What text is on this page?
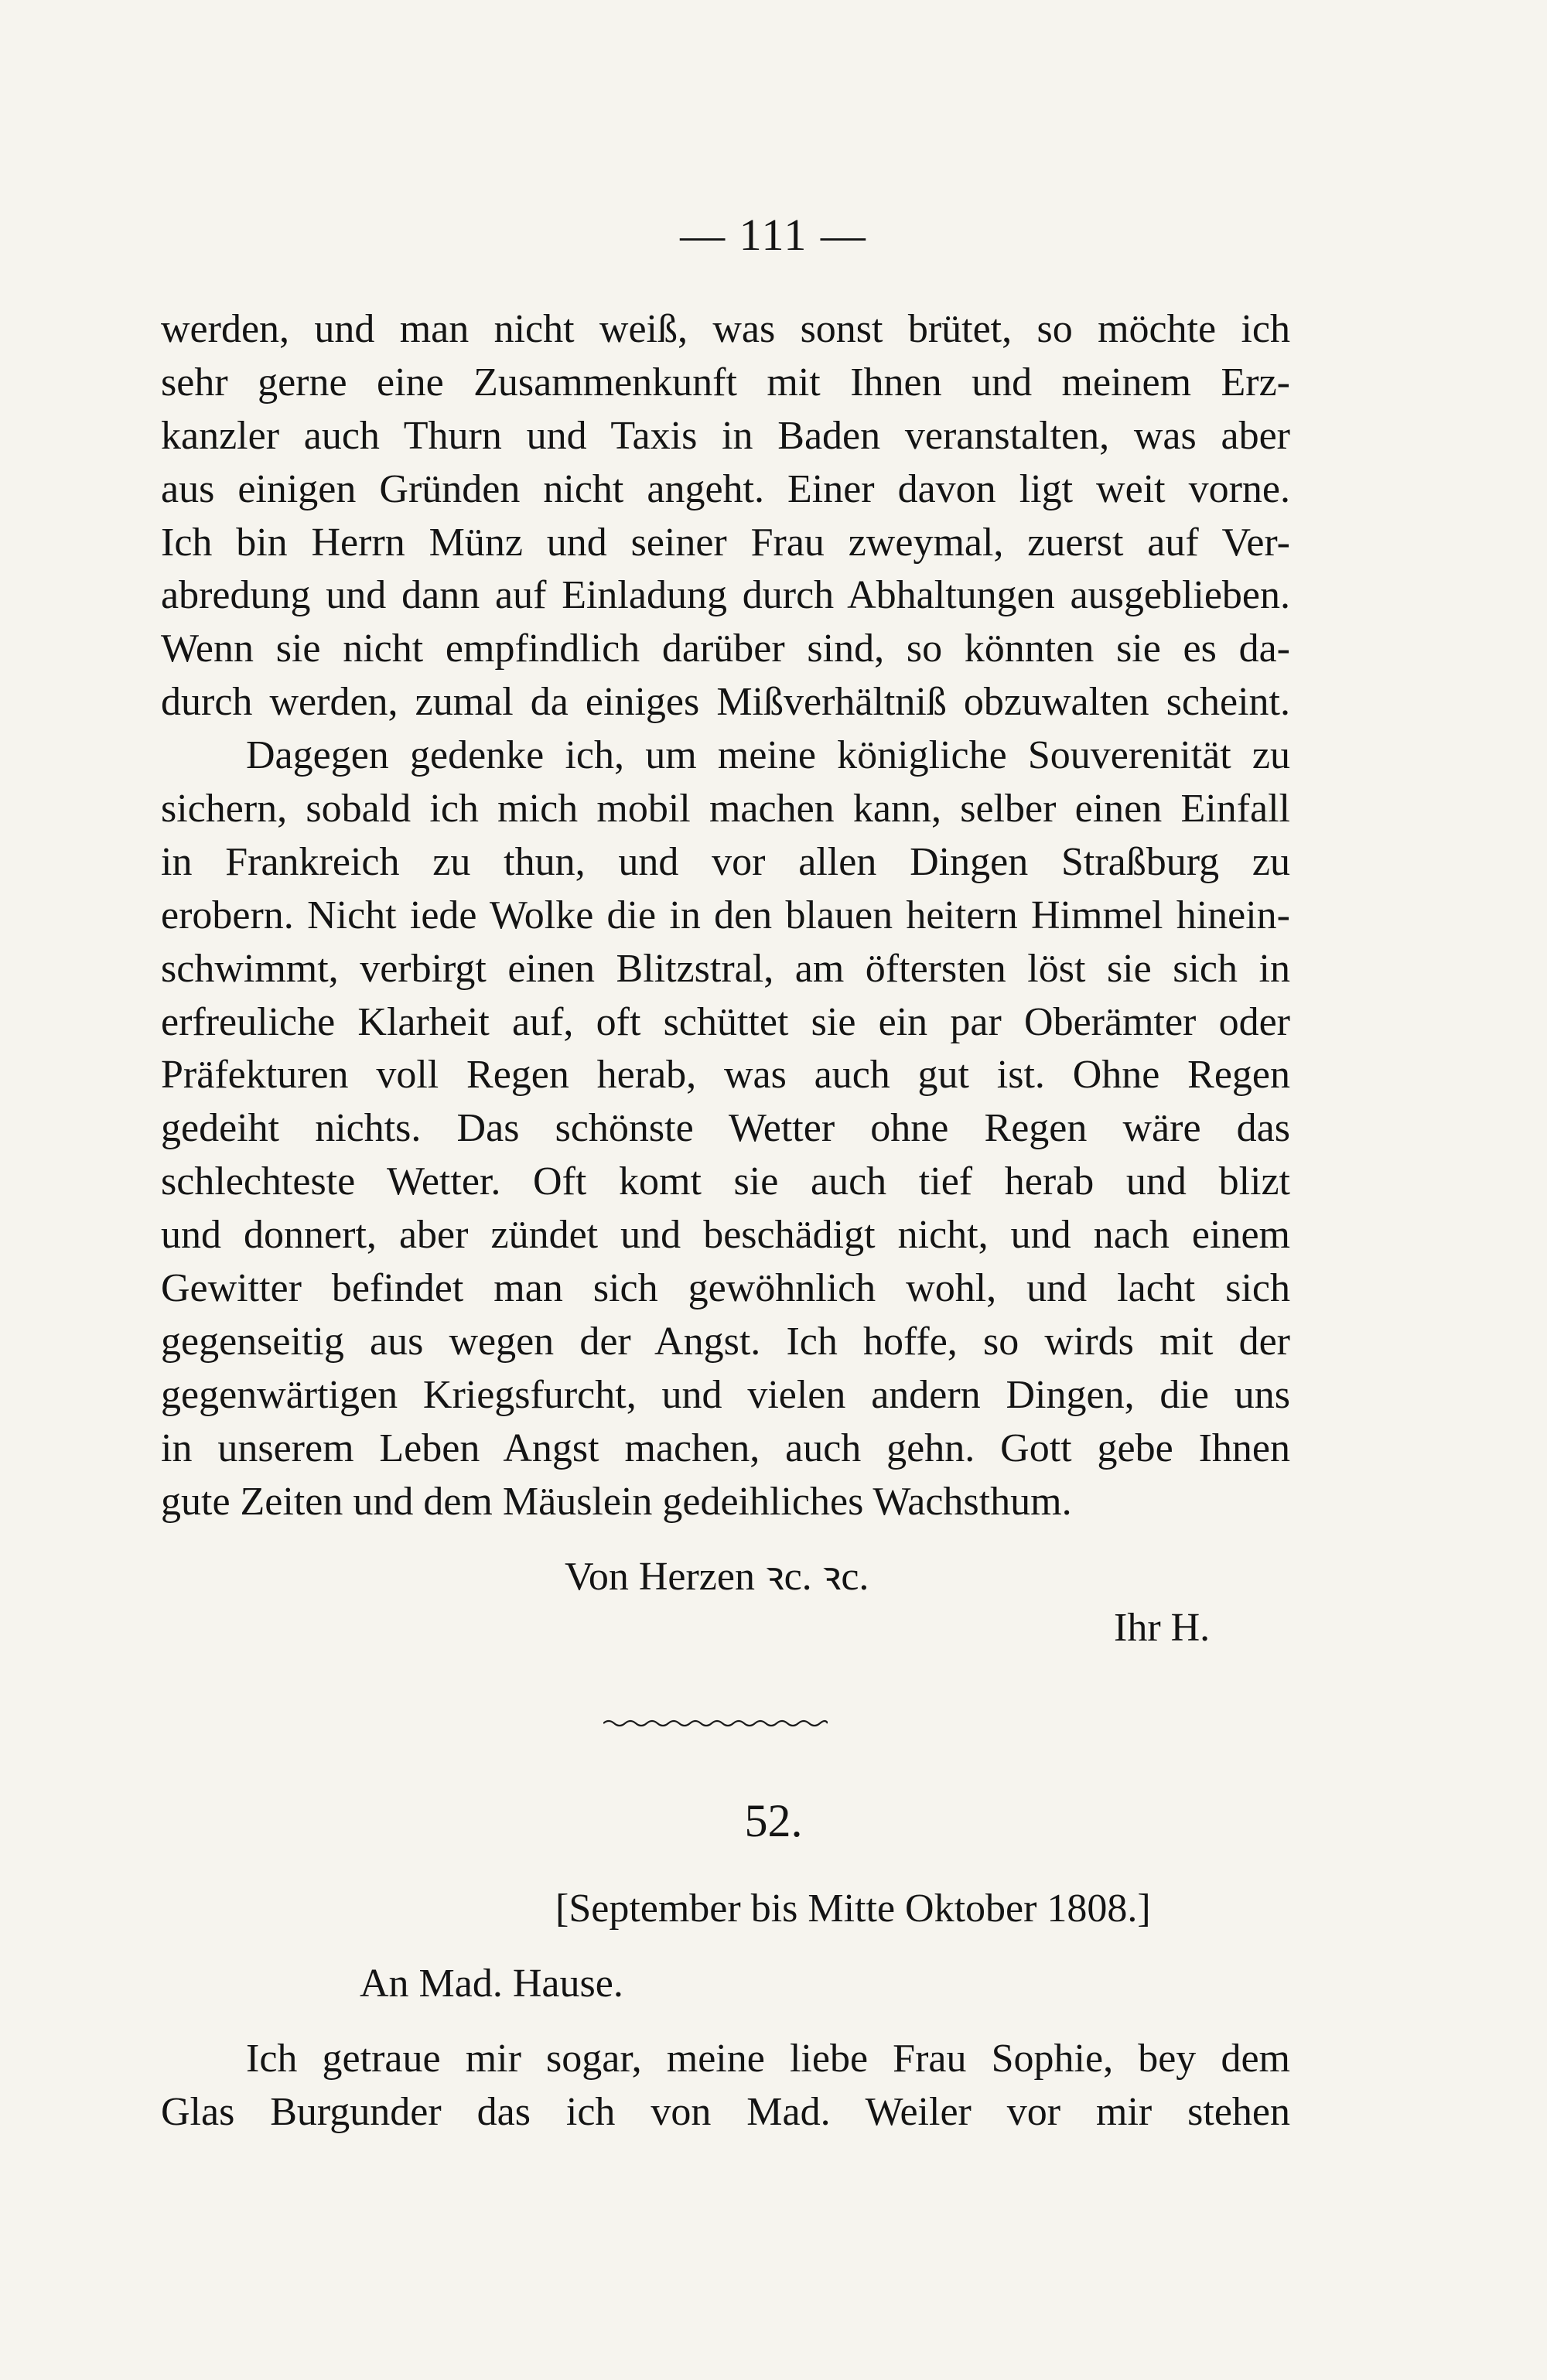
— 111 —
werden, und man nicht weiß, was sonst brütet, so möchte ich
sehr gerne eine Zusammenkunft mit Ihnen und meinem Erz-
kanzler auch Thurn und Taxis in Baden veranstalten, was aber
aus einigen Gründen nicht angeht. Einer davon ligt weit vorne.
Ich bin Herrn Münz und seiner Frau zweymal, zuerst auf Ver-
abredung und dann auf Einladung durch Abhaltungen ausgeblieben.
Wenn sie nicht empfindlich darüber sind, so könnten sie es da-
durch werden, zumal da einiges Mißverhältniß obzuwalten scheint.
Dagegen gedenke ich, um meine königliche Souverenität zu
sichern, sobald ich mich mobil machen kann, selber einen Einfall
in Frankreich zu thun, und vor allen Dingen Straßburg zu
erobern. Nicht iede Wolke die in den blauen heitern Himmel hinein-
schwimmt, verbirgt einen Blitzstral, am öftersten löst sie sich in
erfreuliche Klarheit auf, oft schüttet sie ein par Oberämter oder
Präfekturen voll Regen herab, was auch gut ist. Ohne Regen
gedeiht nichts. Das schönste Wetter ohne Regen wäre das
schlechteste Wetter. Oft komt sie auch tief herab und blizt
und donnert, aber zündet und beschädigt nicht, und nach einem
Gewitter befindet man sich gewöhnlich wohl, und lacht sich
gegenseitig aus wegen der Angst. Ich hoffe, so wirds mit der
gegenwärtigen Kriegsfurcht, und vielen andern Dingen, die uns
in unserem Leben Angst machen, auch gehn. Gott gebe Ihnen
gute Zeiten und dem Mäuslein gedeihliches Wachsthum.
Von Herzen ꝛc. ꝛc.
Ihr H.
52.
[September bis Mitte Oktober 1808.]
An Mad. Hause.
Ich getraue mir sogar, meine liebe Frau Sophie, bey dem
Glas Burgunder das ich von Mad. Weiler vor mir stehen
